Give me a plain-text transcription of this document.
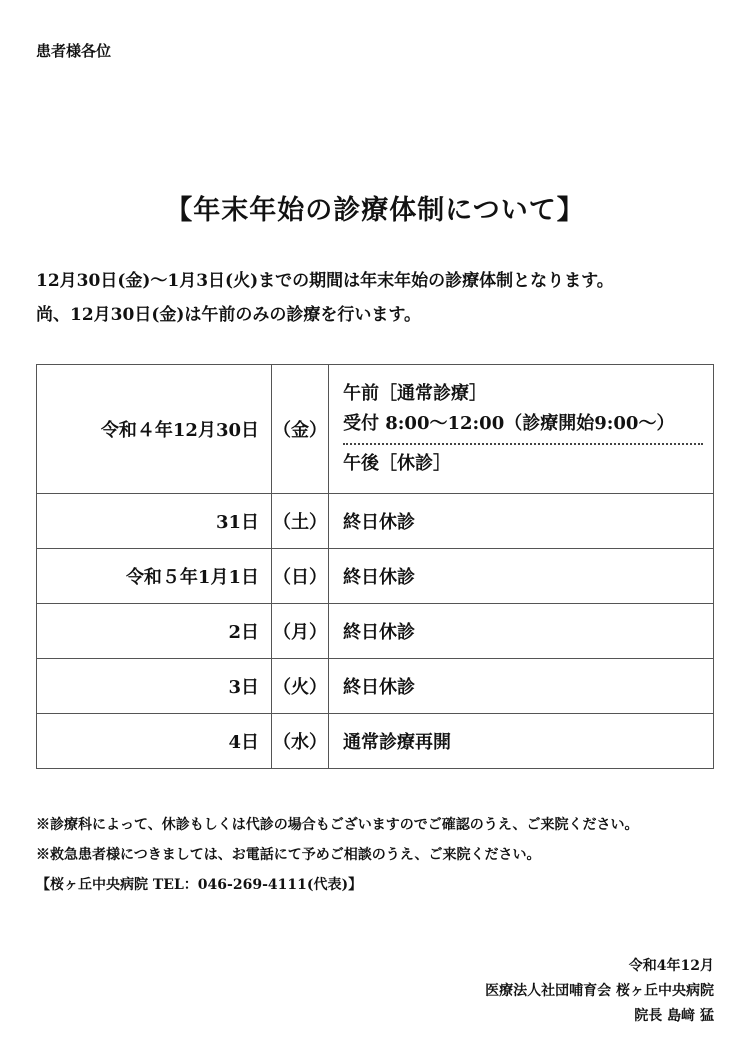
患者様各位
【年末年始の診療体制について】
12月30日(金)～1月3日(火)までの期間は年末年始の診療体制となります。
尚、12月30日(金)は午前のみの診療を行います。
令和４年12月30日	（金）	午前［通常診療］
受付 8:00～12:00（診療開始9:00～）
午後［休診］

31日	（土）	終日休診
令和５年1月1日	（日）	終日休診
2日	（月）	終日休診
3日	（火）	終日休診
4日	（水）	通常診療再開
※診療科によって、休診もしくは代診の場合もございますのでご確認のうえ、ご来院ください。
※救急患者様につきましては、お電話にて予めご相談のうえ、ご来院ください。
【桜ヶ丘中央病院 TEL：046-269-4111(代表)】
令和4年12月
医療法人社団哺育会 桜ヶ丘中央病院
院長 島﨑 猛
